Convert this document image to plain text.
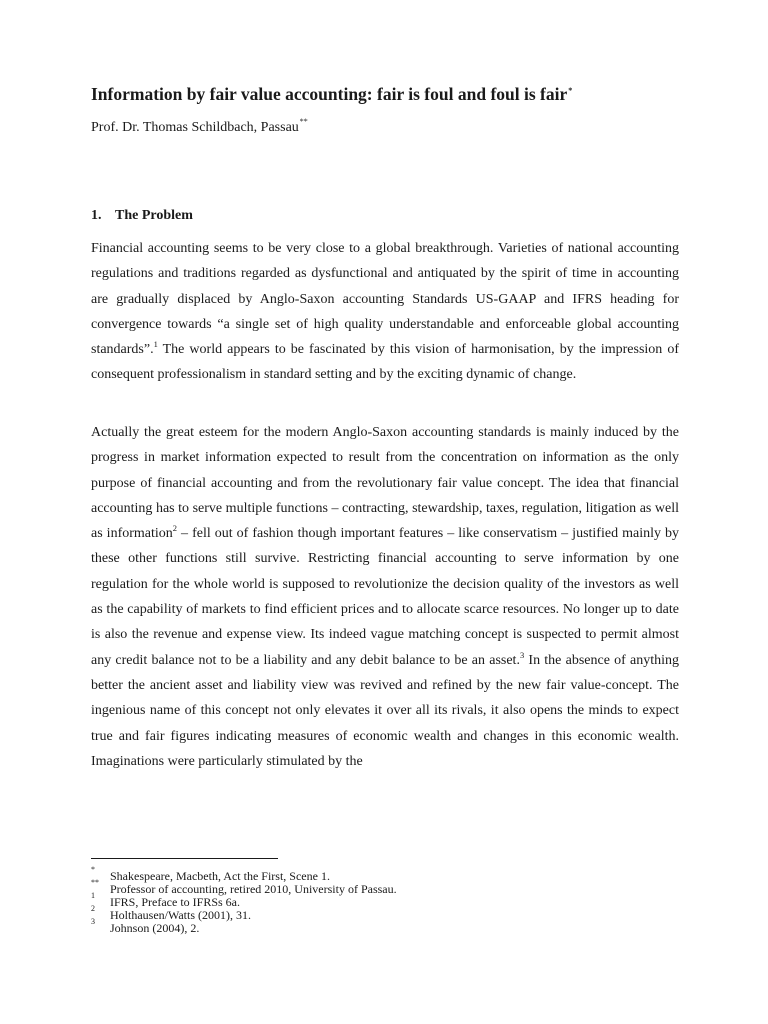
Information by fair value accounting: fair is foul and foul is fair*

Prof. Dr. Thomas Schildbach, Passau**

1. The Problem

Financial accounting seems to be very close to a global breakthrough. Varieties of national accounting regulations and traditions regarded as dysfunctional and antiquated by the spirit of time in accounting are gradually displaced by Anglo-Saxon accounting Standards US-GAAP and IFRS heading for convergence towards “a single set of high quality understandable and enforceable global accounting standards”.$^1$ The world appears to be fascinated by this vision of harmonisation, by the impression of consequent professionalism in standard setting and by the exciting dynamic of change.

Actually the great esteem for the modern Anglo-Saxon accounting standards is mainly induced by the progress in market information expected to result from the concentration on information as the only purpose of financial accounting and from the revolutionary fair value concept. The idea that financial accounting has to serve multiple functions – contracting, stewardship, taxes, regulation, litigation as well as information$^2$ – fell out of fashion though important features – like conservatism – justified mainly by these other functions still survive. Restricting financial accounting to serve information by one regulation for the whole world is supposed to revolutionize the decision quality of the investors as well as the capability of markets to find efficient prices and to allocate scarce resources. No longer up to date is also the revenue and expense view. Its indeed vague matching concept is suspected to permit almost any credit balance not to be a liability and any debit balance to be an asset.$^3$ In the absence of anything better the ancient asset and liability view was revived and refined by the new fair value-concept. The ingenious name of this concept not only elevates it over all its rivals, it also opens the minds to expect true and fair figures indicating measures of economic wealth and changes in this economic wealth. Imaginations were particularly stimulated by the

* Shakespeare, Macbeth, Act the First, Scene 1.
** Professor of accounting, retired 2010, University of Passau.
1 IFRS, Preface to IFRSs 6a.
2 Holthausen/Watts (2001), 31.
3 Johnson (2004), 2.
